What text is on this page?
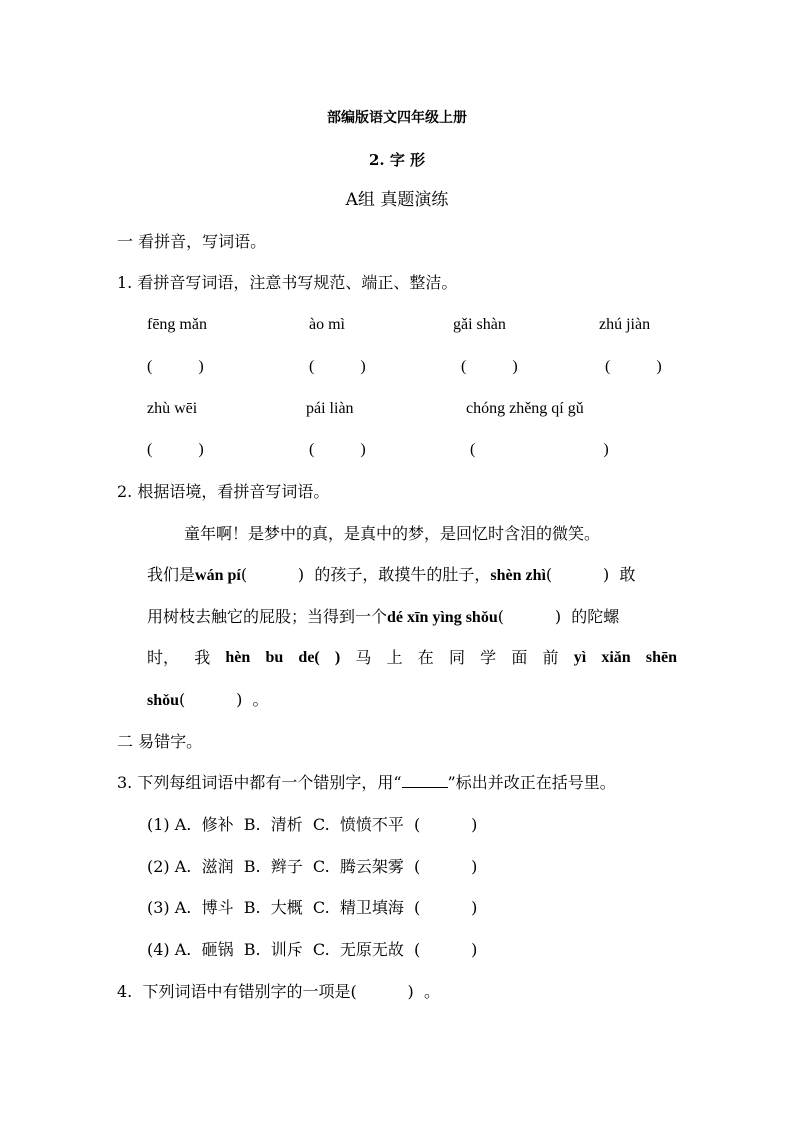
部编版语文四年级上册
2. 字 形
A组 真题演练
一 看拼音，写词语。
1. 看拼音写词语，注意书写规范、端正、整洁。
fēng mǎn	ào mì	gǎi shàn	zhú jiàn
(	)	(	)	(	)	(	)
zhù wēi	pái liàn	chóng zhěng qí gǔ
(	)	(	)	(	)
2. 根据语境，看拼音写词语。
童年啊！是梦中的真，是真中的梦，是回忆时含泪的微笑。
我们是wán pí(          )  的孩子，敢摸牛的肚子，shèn zhì(          )  敢
用树枝去触它的屁股；当得到一个dé xīn yìng shǒu(          )  的陀螺
时， 我 hèn bu de( ) 马 上 在 同 学 面 前 yì xiǎn shēn
shǒu(          )  。
二 易错字。
3. 下列每组词语中都有一个错别字，用“	”标出并改正在括号里。
(1) A.  修补  B.  清析  C.  愤愤不平  (          )
(2) A.  滋润  B.  辫子  C.  腾云架雾  (          )
(3) A.  博斗  B.  大概  C.  精卫填海  (          )
(4) A.  砸锅  B.  训斥  C.  无原无故  (          )
4.  下列词语中有错别字的一项是(          )  。
